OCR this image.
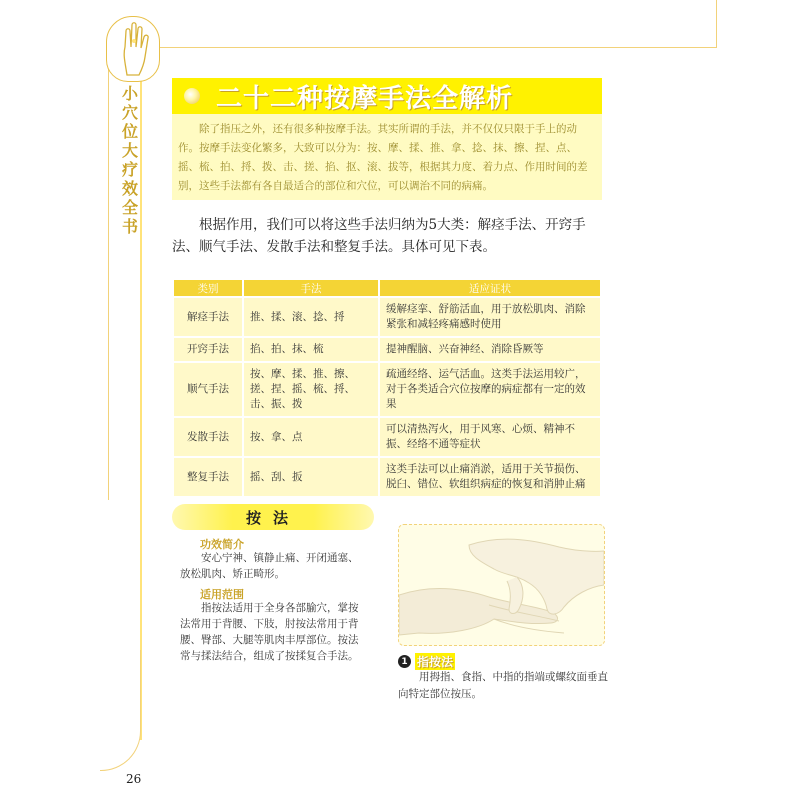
小
穴
位
大
疗
效
全
书
二十二种按摩手法全解析
除了指压之外，还有很多种按摩手法。其实所谓的手法，并不仅仅只限于手上的动作。按摩手法变化繁多，大致可以分为：按、摩、揉、推、拿、捻、抹、擦、捏、点、摇、梳、拍、捋、拨、击、搓、掐、抠、滚、拔等，根据其力度、着力点、作用时间的差别，这些手法都有各自最适合的部位和穴位，可以调治不同的病痛。
根据作用，我们可以将这些手法归纳为5大类：解痉手法、开窍手法、顺气手法、发散手法和整复手法。具体可见下表。
类别	手法	适应证状
解痉手法	推、揉、滚、捻、捋	缓解痉挛、舒筋活血，用于放松肌肉、消除紧张和减轻疼痛感时使用
开窍手法	掐、拍、抹、梳	提神醒脑、兴奋神经、消除昏厥等
顺气手法	按、摩、揉、推、擦、搓、捏、摇、梳、捋、击、振、拨	疏通经络、运气活血。这类手法运用较广，对于各类适合穴位按摩的病症都有一定的效果
发散手法	按、拿、点	可以清热泻火，用于风寒、心烦、精神不振、经络不通等症状
整复手法	摇、刮、扳	这类手法可以止痛消淤，适用于关节损伤、脱臼、错位、软组织病症的恢复和消肿止痛
按法
功效简介
安心宁神、镇静止痛、开闭通塞、放松肌肉、矫正畸形。
适用范围
指按法适用于全身各部腧穴，掌按法常用于背腰、下肢，肘按法常用于背腰、臀部、大腿等肌肉丰厚部位。按法常与揉法结合，组成了按揉复合手法。	1 指按法
用拇指、食指、中指的指端或螺纹面垂直向特定部位按压。
26
